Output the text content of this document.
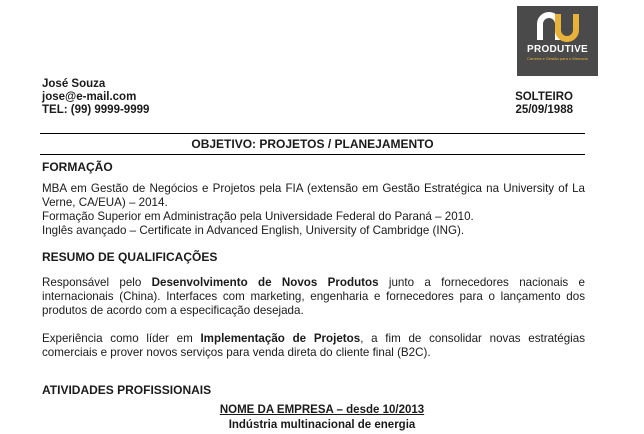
PRODUTIVE
Carreira e Gestão para o Mercado
José Souza
jose@e-mail.com
TEL: (99) 9999-9999
SOLTEIRO
25/09/1988
OBJETIVO: PROJETOS / PLANEJAMENTO
FORMAÇÃO
MBA em Gestão de Negócios e Projetos pela FIA (extensão em Gestão Estratégica na University of La Verne, CA/EUA) – 2014.
Formação Superior em Administração pela Universidade Federal do Paraná – 2010.
Inglês avançado – Certificate in Advanced English, University of Cambridge (ING).
RESUMO DE QUALIFICAÇÕES
Responsável pelo Desenvolvimento de Novos Produtos junto a fornecedores nacionais e internacionais (China). Interfaces com marketing, engenharia e fornecedores para o lançamento dos produtos de acordo com a especificação desejada.
Experiência como líder em Implementação de Projetos, a fim de consolidar novas estratégias comerciais e prover novos serviços para venda direta do cliente final (B2C).
ATIVIDADES PROFISSIONAIS
NOME DA EMPRESA – desde 10/2013
Indústria multinacional de energia
